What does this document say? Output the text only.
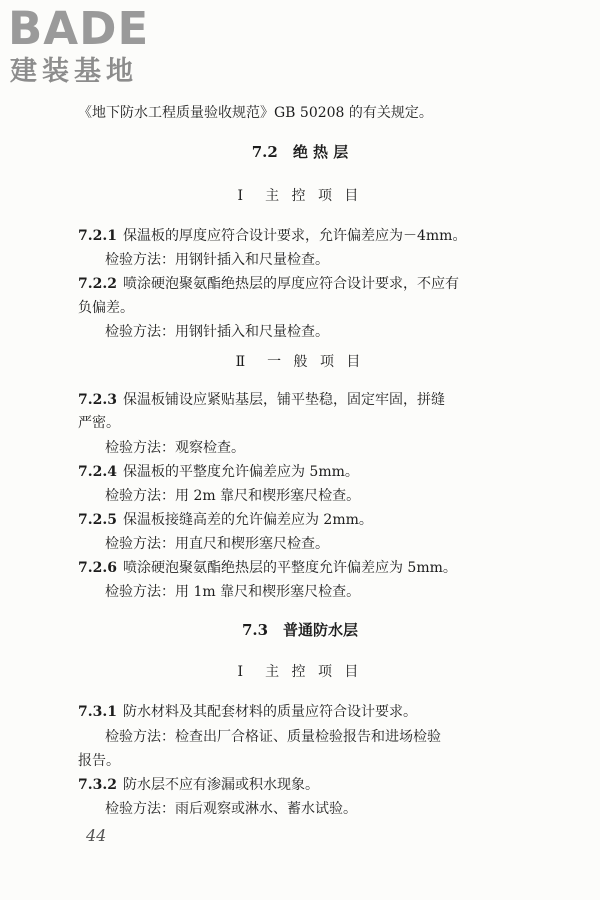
BADE
建装基地
《地下防水工程质量验收规范》GB 50208 的有关规定。
7.2　绝 热 层
Ⅰ　主 控 项 目
7.2.1 保温板的厚度应符合设计要求，允许偏差应为－4mm。
检验方法：用钢针插入和尺量检查。
7.2.2 喷涂硬泡聚氨酯绝热层的厚度应符合设计要求，不应有
负偏差。
检验方法：用钢针插入和尺量检查。
Ⅱ　一 般 项 目
7.2.3 保温板铺设应紧贴基层，铺平垫稳，固定牢固，拼缝
严密。
检验方法：观察检查。
7.2.4 保温板的平整度允许偏差应为 5mm。
检验方法：用 2m 靠尺和楔形塞尺检查。
7.2.5 保温板接缝高差的允许偏差应为 2mm。
检验方法：用直尺和楔形塞尺检查。
7.2.6 喷涂硬泡聚氨酯绝热层的平整度允许偏差应为 5mm。
检验方法：用 1m 靠尺和楔形塞尺检查。
7.3　普通防水层
Ⅰ　主 控 项 目
7.3.1 防水材料及其配套材料的质量应符合设计要求。
检验方法：检查出厂合格证、质量检验报告和进场检验
报告。
7.3.2 防水层不应有渗漏或积水现象。
检验方法：雨后观察或淋水、蓄水试验。
44
